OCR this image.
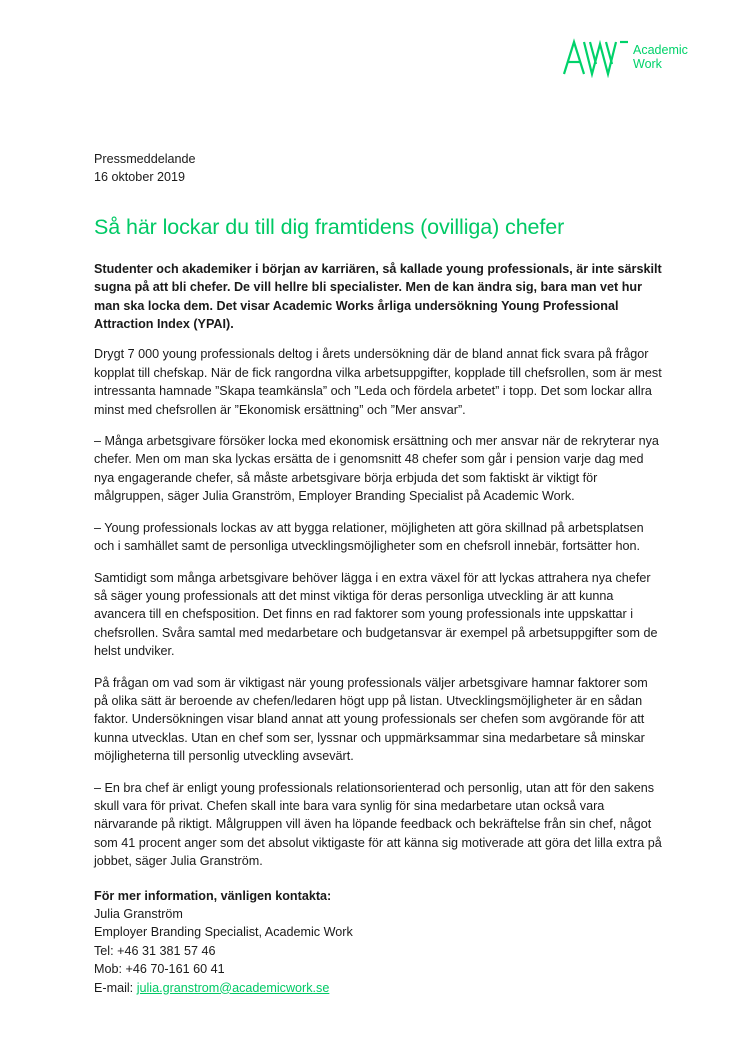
Academic
Work

Pressmeddelande

16 oktober 2019

Så här lockar du till dig framtidens (ovilliga) chefer

Studenter och akademiker i början av karriären, så kallade young professionals, är inte särskilt sugna på att bli chefer. De vill hellre bli specialister. Men de kan ändra sig, bara man vet hur man ska locka dem. Det visar Academic Works årliga undersökning Young Professional Attraction Index (YPAI).

Drygt 7 000 young professionals deltog i årets undersökning där de bland annat fick svara på frågor kopplat till chefskap. När de fick rangordna vilka arbetsuppgifter, kopplade till chefsrollen, som är mest intressanta hamnade ”Skapa teamkänsla” och ”Leda och fördela arbetet” i topp. Det som lockar allra minst med chefsrollen är ”Ekonomisk ersättning” och ”Mer ansvar”.

– Många arbetsgivare försöker locka med ekonomisk ersättning och mer ansvar när de rekryterar nya chefer. Men om man ska lyckas ersätta de i genomsnitt 48 chefer som går i pension varje dag med nya engagerande chefer, så måste arbetsgivare börja erbjuda det som faktiskt är viktigt för målgruppen, säger Julia Granström, Employer Branding Specialist på Academic Work.

– Young professionals lockas av att bygga relationer, möjligheten att göra skillnad på arbetsplatsen och i samhället samt de personliga utvecklingsmöjligheter som en chefsroll innebär, fortsätter hon.

Samtidigt som många arbetsgivare behöver lägga i en extra växel för att lyckas attrahera nya chefer så säger young professionals att det minst viktiga för deras personliga utveckling är att kunna avancera till en chefsposition. Det finns en rad faktorer som young professionals inte uppskattar i chefsrollen. Svåra samtal med medarbetare och budgetansvar är exempel på arbetsuppgifter som de helst undviker.

På frågan om vad som är viktigast när young professionals väljer arbetsgivare hamnar faktorer som på olika sätt är beroende av chefen/ledaren högt upp på listan. Utvecklingsmöjligheter är en sådan faktor. Undersökningen visar bland annat att young professionals ser chefen som avgörande för att kunna utvecklas. Utan en chef som ser, lyssnar och uppmärksammar sina medarbetare så minskar möjligheterna till personlig utveckling avsevärt.

– En bra chef är enligt young professionals relationsorienterad och personlig, utan att för den sakens skull vara för privat. Chefen skall inte bara vara synlig för sina medarbetare utan också vara närvarande på riktigt. Målgruppen vill även ha löpande feedback och bekräftelse från sin chef, något som 41 procent anger som det absolut viktigaste för att känna sig motiverade att göra det lilla extra på jobbet, säger Julia Granström.

För mer information, vänligen kontakta:

Julia Granström

Employer Branding Specialist, Academic Work

Tel: +46 31 381 57 46

Mob: +46 70-161 60 41

E-mail: julia.granstrom@academicwork.se
